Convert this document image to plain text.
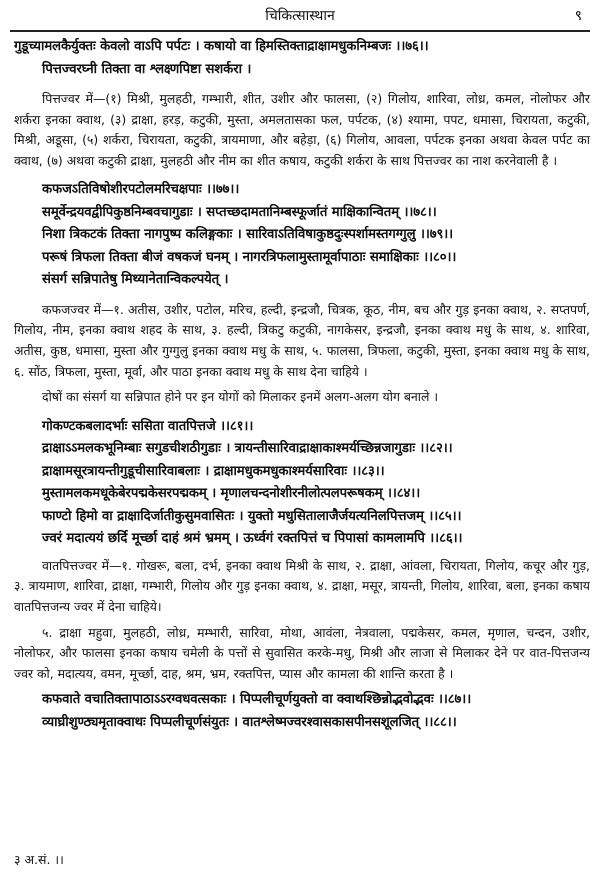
चिकित्सास्थान	९
गुडूच्यामलकैर्युक्तः केवलो वाऽपि पर्पटः । कषायो वा हिमस्तिक्ताद्राक्षामधुकनिम्बजः ।।७६।।
पित्तज्वरघ्नी तिक्ता वा श्लक्ष्णपिष्टा सशर्करा ।

पित्तज्वर में—(१) मिश्री, मुलहठी, गम्भारी, शीत, उशीर और फालसा, (२) गिलोय, शारिवा, लोध्र, कमल, नोलोफर और शर्करा इनका क्वाथ, (३) द्राक्षा, हरड़, कटुकी, मुस्ता, अमलतासका फल, पर्पटक, (४) श्यामा, पपट, धमासा, चिरायता, कटुकी, मिश्री, अडूसा, (५) शर्करा, चिरायता, कटुकी, त्रायमाणा, और बहेड़ा, (६) गिलोय, आवला, पर्पटक इनका अथवा केवल पर्पट का क्वाथ, (७) अथवा कटुकी द्राक्षा, मुलहठी और नीम का शीत कषाय, कटुकी शर्करा के साथ पित्तज्वर का नाश करनेवाली है ।

कफजऽतिविषोशीरपटोलमरिचक्षपाः ।।७७।।
समूर्वेन्द्रयवद्वीपिकुष्ठनिम्बवचागुडाः । सप्तच्छदामतानिम्बस्फूर्जातं माक्षिकान्वितम् ।।७८।।
निशा त्रिकटकं तिक्ता नागपुष्प कलिङ्गकाः । सारिवाऽतिविषाकुष्ठदुःस्पर्शामस्तगग्गुलु ।।७९।।
परूषं त्रिफला तिक्ता बीजं वषकजं घनम् । नागरत्रिफलामुस्तामूर्वापाठाः समाक्षिकाः ।।८०।।
संसर्ग सन्निपातेषु मिथ्यानेतान्विकल्पयेत् ।

कफजज्वर में—१. अतीस, उशीर, पटोल, मरिच, हल्दी, इन्द्रजौ, चित्रक, कूठ, नीम, बच और गुड़ इनका क्वाथ, २. सप्तपर्ण, गिलोय, नीम, इनका क्वाथ शहद के साथ, ३. हल्दी, त्रिकटु कटुकी, नागकेसर, इन्द्रजौ, इनका क्वाथ मधु के साथ, ४. शारिवा, अतीस, कुष्ठ, धमासा, मुस्ता और गुग्गुलु इनका क्वाथ मधु के साथ, ५. फालसा, त्रिफला, कटुकी, मुस्ता, इनका क्वाथ मधु के साथ, ६. सोंठ, त्रिफला, मुस्ता, मूर्वा, और पाठा इनका क्वाथ मधु के साथ देना चाहिये ।

दोषों का संसर्ग या सन्निपात होने पर इन योगों को मिलाकर इनमें अलग-अलग योग बनाले ।

गोकण्टकबलादर्भाः ससिता वातपित्तजे ।।८१।।
द्राक्षाऽऽमलकभूनिम्बाः सगुडचीशठीगुडाः । त्रायन्तीसारिवाद्राक्षाकाश्मर्यच्छिन्नजागुडाः ।।८२।।
द्राक्षामसूरत्रायन्तीगुडूचीसारिवाबलाः । द्राक्षामधुकमधुकाश्मर्यसारिवाः ।।८३।।
मुस्तामलकमधूकेबेरपद्मकेसरपद्मकम् । मृणालचन्दनोशीरनीलोत्पलपरूषकम् ।।८४।।
फाण्टो हिमो वा द्राक्षादिर्जातीकुसुमवासितः । युक्तो मधुसितालाजैर्जयत्यनिलपित्तजम् ।।८५।।
ज्वरं मदात्ययं छर्दि मूर्च्छा दाहं श्रमं भ्रमम् । ऊर्ध्वगं रक्तपित्तं च पिपासां कामलामपि ।।८६।।

वातपित्तज्वर में—१. गोखरू, बला, दर्भ, इनका क्वाथ मिश्री के साथ, २. द्राक्षा, आंवला, चिरायता, गिलोय, कचूर और गुड़, ३. त्रायमाण, शारिवा, द्राक्षा, गम्भारी, गिलोय और गुड़ इनका क्वाथ, ४. द्राक्षा, मसूर, त्रायन्ती, गिलोय, शारिवा, बला, इनका कषाय वातपित्तजन्य ज्वर में देना चाहिये।

५. द्राक्षा महुवा, मुलहठी, लोध्र, मम्भारी, सारिवा, मोथा, आवंला, नेत्रवाला, पद्मकेसर, कमल, मृणाल, चन्दन, उशीर, नोलोफर, और फालसा इनका कषाय चमेली के पत्तों से सुवासित करके-मधु, मिश्री और लाजा से मिलाकर देने पर वात-पित्तजन्य ज्वर को, मदात्यय, वमन, मूर्च्छा, दाह, श्रम, भ्रम, रक्तपित्त, प्यास और कामला की शान्ति करता है ।

कफवाते वचातिक्तापाठाऽऽरग्वधवत्सकाः । पिप्पलीचूर्णयुक्तो वा क्वाथश्छिन्नोद्भवोद्भवः ।।८७।।
व्याघ्रीशुण्ठ्यमृताक्वाथः पिप्पलीचूर्णसंयुतः । वातश्लेष्मज्वरश्वासकासपीनसशूलजित् ।।८८।।
३ अ.सं. ।।
